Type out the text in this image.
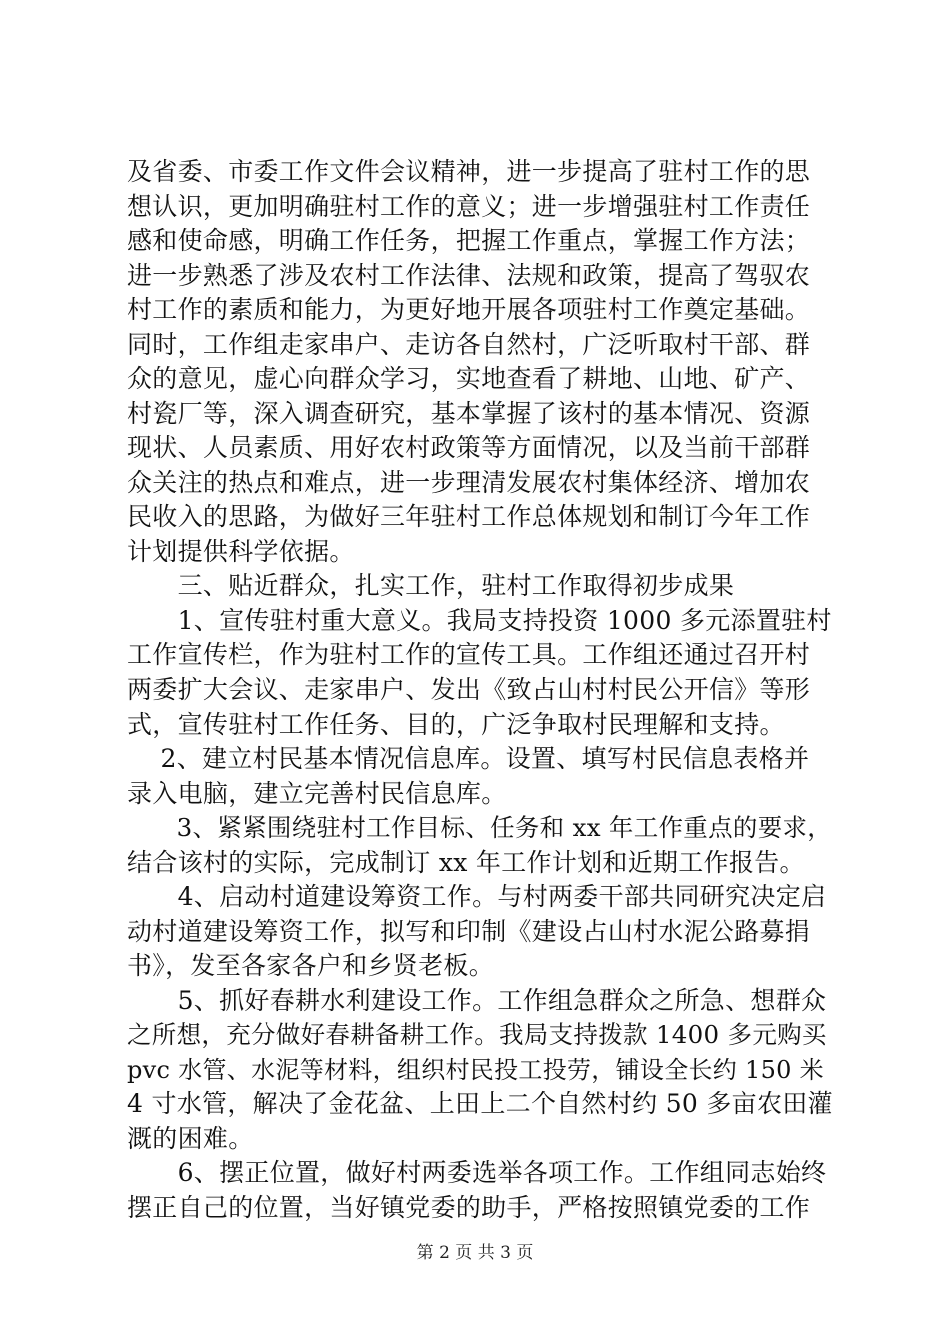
及省委、市委工作文件会议精神，进一步提高了驻村工作的思
想认识，更加明确驻村工作的意义；进一步增强驻村工作责任
感和使命感，明确工作任务，把握工作重点，掌握工作方法；
进一步熟悉了涉及农村工作法律、法规和政策，提高了驾驭农
村工作的素质和能力，为更好地开展各项驻村工作奠定基础。
同时，工作组走家串户、走访各自然村，广泛听取村干部、群
众的意见，虚心向群众学习，实地查看了耕地、山地、矿产、
村瓷厂等，深入调查研究，基本掌握了该村的基本情况、资源
现状、人员素质、用好农村政策等方面情况，以及当前干部群
众关注的热点和难点，进一步理清发展农村集体经济、增加农
民收入的思路，为做好三年驻村工作总体规划和制订今年工作
计划提供科学依据。
　　三、贴近群众，扎实工作，驻村工作取得初步成果
　　1、宣传驻村重大意义。我局支持投资 1000 多元添置驻村
工作宣传栏，作为驻村工作的宣传工具。工作组还通过召开村
两委扩大会议、走家串户、发出《致占山村村民公开信》等形
式，宣传驻村工作任务、目的，广泛争取村民理解和支持。
　 2、建立村民基本情况信息库。设置、填写村民信息表格并
录入电脑，建立完善村民信息库。
　　3、紧紧围绕驻村工作目标、任务和 xx 年工作重点的要求，
结合该村的实际，完成制订 xx 年工作计划和近期工作报告。
　　4、启动村道建设筹资工作。与村两委干部共同研究决定启
动村道建设筹资工作，拟写和印制《建设占山村水泥公路募捐
书》，发至各家各户和乡贤老板。
　　5、抓好春耕水利建设工作。工作组急群众之所急、想群众
之所想，充分做好春耕备耕工作。我局支持拨款 1400 多元购买
pvc 水管、水泥等材料，组织村民投工投劳，铺设全长约 150 米
4 寸水管，解决了金花盆、上田上二个自然村约 50 多亩农田灌
溉的困难。
　　6、摆正位置，做好村两委选举各项工作。工作组同志始终
摆正自己的位置，当好镇党委的助手，严格按照镇党委的工作
第 2 页 共 3 页
